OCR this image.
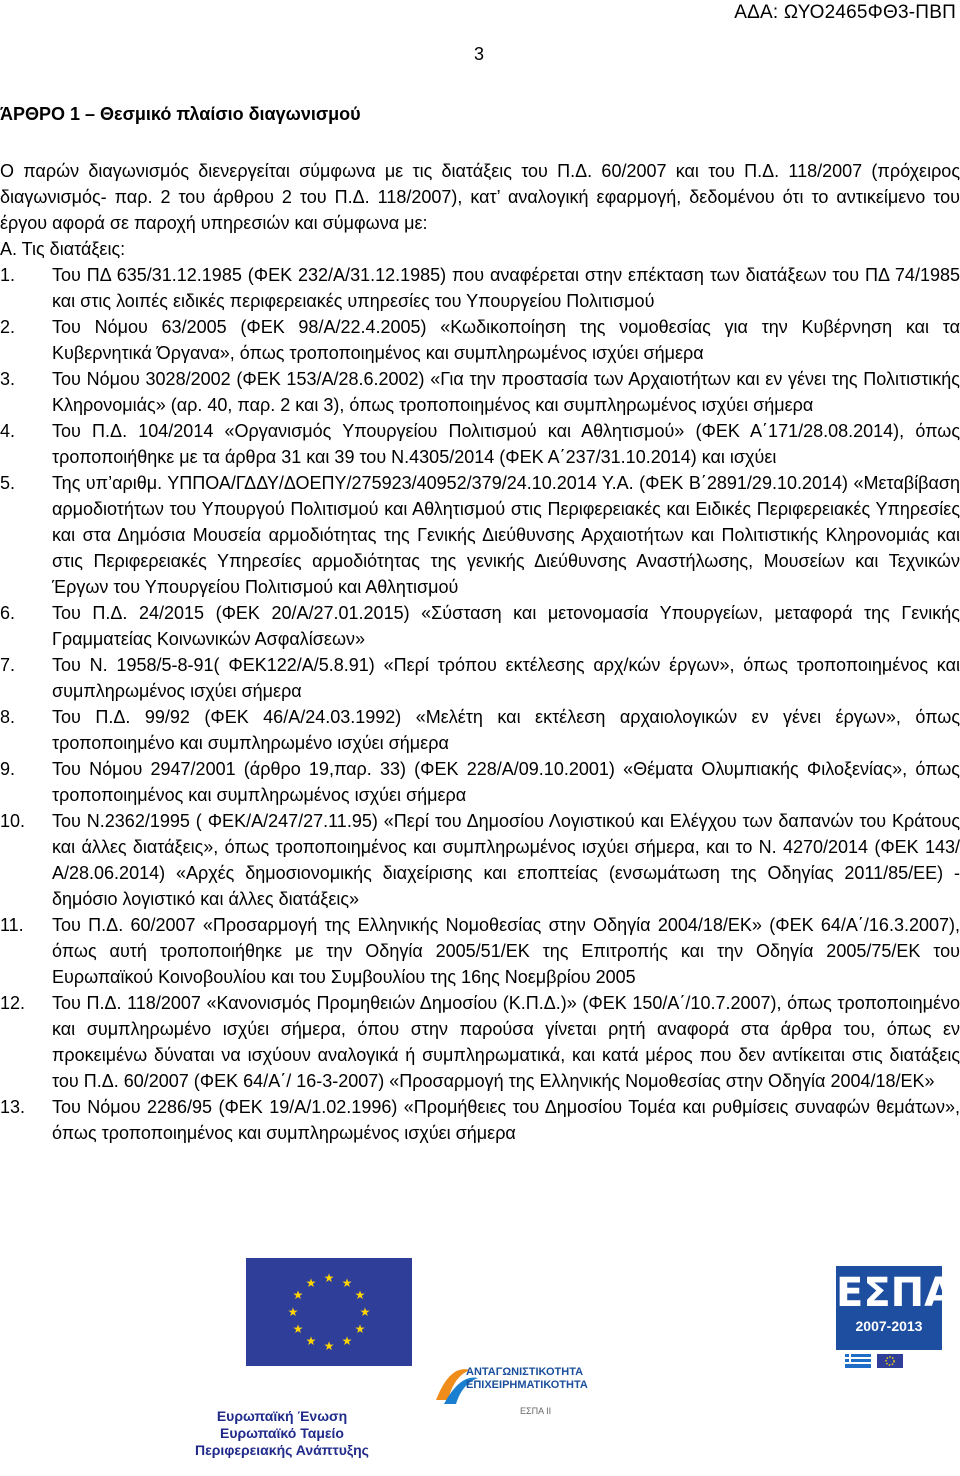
ΑΔΑ: ΩΥΟ2465ΦΘ3-ΠΒΠ
3
ΆΡΘΡΟ 1 – Θεσμικό πλαίσιο διαγωνισμού

Ο παρών διαγωνισμός διενεργείται σύμφωνα με τις διατάξεις του Π.Δ. 60/2007 και του Π.Δ. 118/2007 (πρόχειρος διαγωνισμός- παρ. 2 του άρθρου 2 του Π.Δ. 118/2007), κατ’ αναλογική εφαρμογή, δεδομένου ότι το αντικείμενο του έργου αφορά σε παροχή υπηρεσιών και σύμφωνα με:

Α. Τις διατάξεις:

1. Του ΠΔ 635/31.12.1985 (ΦΕΚ 232/Α/31.12.1985) που αναφέρεται στην επέκταση των διατάξεων του ΠΔ 74/1985 και στις λοιπές ειδικές περιφερειακές υπηρεσίες του Υπουργείου Πολιτισμού
2. Του Νόμου 63/2005 (ΦΕΚ 98/Α/22.4.2005) «Κωδικοποίηση της νομοθεσίας για την Κυβέρνηση και τα Κυβερνητικά Όργανα», όπως τροποποιημένος και συμπληρωμένος ισχύει σήμερα
3. Του Νόμου 3028/2002 (ΦΕΚ 153/Α/28.6.2002) «Για την προστασία των Αρχαιοτήτων και εν γένει της Πολιτιστικής Κληρονομιάς» (αρ. 40, παρ. 2 και 3), όπως τροποποιημένος και συμπληρωμένος ισχύει σήμερα
4. Του Π.Δ. 104/2014 «Οργανισμός Υπουργείου Πολιτισμού και Αθλητισμού» (ΦΕΚ Α΄171/28.08.2014), όπως τροποποιήθηκε με τα άρθρα 31 και 39 του Ν.4305/2014 (ΦΕΚ Α΄237/31.10.2014) και ισχύει
5. Της υπ’αριθμ. ΥΠΠΟΑ/ΓΔΔΥ/ΔΟΕΠΥ/275923/40952/379/24.10.2014 Υ.Α. (ΦΕΚ Β΄2891/29.10.2014) «Μεταβίβαση αρμοδιοτήτων του Υπουργού Πολιτισμού και Αθλητισμού στις Περιφερειακές και Ειδικές Περιφερειακές Υπηρεσίες και στα Δημόσια Μουσεία αρμοδιότητας της Γενικής Διεύθυνσης Αρχαιοτήτων και Πολιτιστικής Κληρονομιάς και στις Περιφερειακές Υπηρεσίες αρμοδιότητας της γενικής Διεύθυνσης Αναστήλωσης, Μουσείων και Τεχνικών Έργων του Υπουργείου Πολιτισμού και Αθλητισμού
6. Του Π.Δ. 24/2015 (ΦΕΚ 20/Α/27.01.2015) «Σύσταση και μετονομασία Υπουργείων, μεταφορά της Γενικής Γραμματείας Κοινωνικών Ασφαλίσεων»
7. Του Ν. 1958/5-8-91( ΦΕΚ122/Α/5.8.91) «Περί τρόπου εκτέλεσης αρχ/κών έργων», όπως τροποποιημένος και συμπληρωμένος ισχύει σήμερα
8. Του Π.Δ. 99/92 (ΦΕΚ 46/Α/24.03.1992) «Μελέτη και εκτέλεση αρχαιολογικών εν γένει έργων», όπως τροποποιημένο και συμπληρωμένο ισχύει σήμερα
9. Του Νόμου 2947/2001 (άρθρο 19,παρ. 33) (ΦΕΚ 228/Α/09.10.2001) «Θέματα Ολυμπιακής Φιλοξενίας», όπως τροποποιημένος και συμπληρωμένος ισχύει σήμερα
10. Του Ν.2362/1995 ( ΦΕΚ/Α/247/27.11.95) «Περί του Δημοσίου Λογιστικού και Ελέγχου των δαπανών του Κράτους και άλλες διατάξεις», όπως τροποποιημένος και συμπληρωμένος ισχύει σήμερα, και το Ν. 4270/2014 (ΦΕΚ 143/Α/28.06.2014) «Αρχές δημοσιονομικής διαχείρισης και εποπτείας (ενσωμάτωση της Οδηγίας 2011/85/ΕΕ) - δημόσιο λογιστικό και άλλες διατάξεις»
11. Του Π.Δ. 60/2007 «Προσαρμογή της Ελληνικής Νομοθεσίας στην Οδηγία 2004/18/ΕΚ» (ΦΕΚ 64/Α΄/16.3.2007), όπως αυτή τροποποιήθηκε με την Οδηγία 2005/51/ΕΚ της Επιτροπής και την Οδηγία 2005/75/ΕΚ του Ευρωπαϊκού Κοινοβουλίου και του Συμβουλίου της 16ης Νοεμβρίου 2005
12. Του Π.Δ. 118/2007 «Κανονισμός Προμηθειών Δημοσίου (Κ.Π.Δ.)» (ΦΕΚ 150/Α΄/10.7.2007), όπως τροποποιημένο και συμπληρωμένο ισχύει σήμερα, όπου στην παρούσα γίνεται ρητή αναφορά στα άρθρα του, όπως εν προκειμένω δύναται να ισχύουν αναλογικά ή συμπληρωματικά, και κατά μέρος που δεν αντίκειται στις διατάξεις του Π.Δ. 60/2007 (ΦΕΚ 64/Α΄/ 16-3-2007) «Προσαρμογή της Ελληνικής Νομοθεσίας στην Οδηγία 2004/18/ΕΚ»
13. Του Νόμου 2286/95 (ΦΕΚ 19/Α/1.02.1996) «Προμήθειες του Δημοσίου Τομέα και ρυθμίσεις συναφών θεμάτων», όπως τροποποιημένος και συμπληρωμένος ισχύει σήμερα
★ ★
★
★
★
★
★
★
★
★
★
★
Ευρωπαϊκή Ένωση
Ευρωπαϊκό Ταμείο
Περιφερειακής Ανάπτυξης
ΑΝΤΑΓΩΝΙΣΤΙΚΟΤΗΤΑ
ΕΠΙΧΕΙΡΗΜΑΤΙΚΟΤΗΤΑ
ΕΣΠΑ ΙΙ
ΕΣΠΑ
2007-2013
